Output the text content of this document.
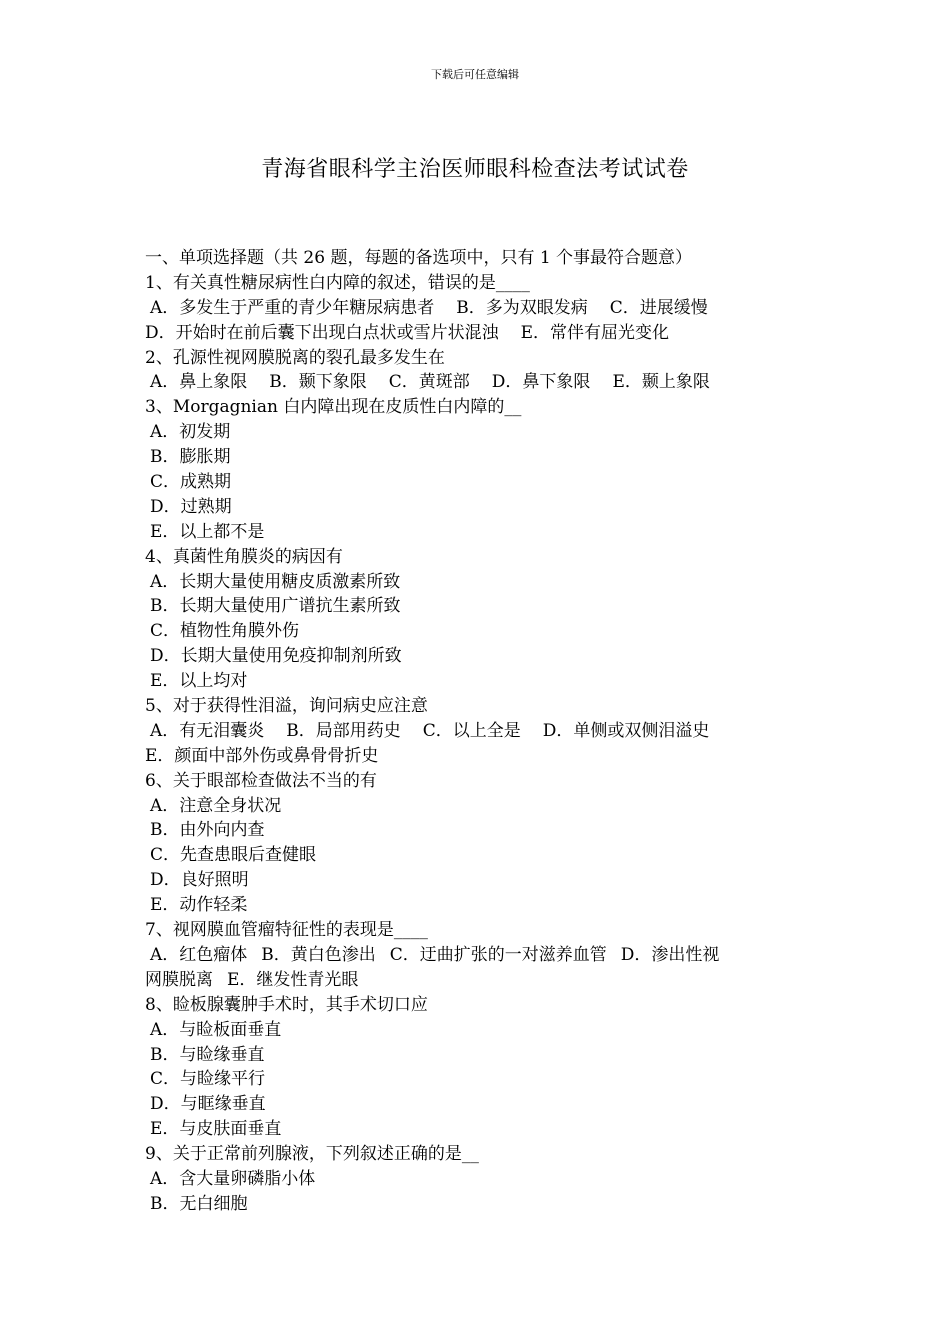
下载后可任意编辑
青海省眼科学主治医师眼科检查法考试试卷
一、单项选择题（共 26 题，每题的备选项中，只有 1 个事最符合题意）
1、有关真性糖尿病性白内障的叙述，错误的是____
A．多发生于严重的青少年糖尿病患者 B．多为双眼发病 C．进展缓慢
D．开始时在前后囊下出现白点状或雪片状混浊 E．常伴有屈光变化
2、孔源性视网膜脱离的裂孔最多发生在
A．鼻上象限 B．颞下象限 C．黄斑部 D．鼻下象限 E．颞上象限
3、Morgagnian 白内障出现在皮质性白内障的__
A．初发期
B．膨胀期
C．成熟期
D．过熟期
E．以上都不是
4、真菌性角膜炎的病因有
A．长期大量使用糖皮质激素所致
B．长期大量使用广谱抗生素所致
C．植物性角膜外伤
D．长期大量使用免疫抑制剂所致
E．以上均对
5、对于获得性泪溢，询问病史应注意
A．有无泪囊炎 B．局部用药史 C．以上全是 D．单侧或双侧泪溢史
E．颜面中部外伤或鼻骨骨折史
6、关于眼部检查做法不当的有
A．注意全身状况
B．由外向内查
C．先查患眼后查健眼
D．良好照明
E．动作轻柔
7、视网膜血管瘤特征性的表现是____
A．红色瘤体 B．黄白色渗出 C．迂曲扩张的一对滋养血管 D．渗出性视
网膜脱离 E．继发性青光眼
8、睑板腺囊肿手术时，其手术切口应
A．与睑板面垂直
B．与睑缘垂直
C．与睑缘平行
D．与眶缘垂直
E．与皮肤面垂直
9、关于正常前列腺液，下列叙述正确的是__
A．含大量卵磷脂小体
B．无白细胞
